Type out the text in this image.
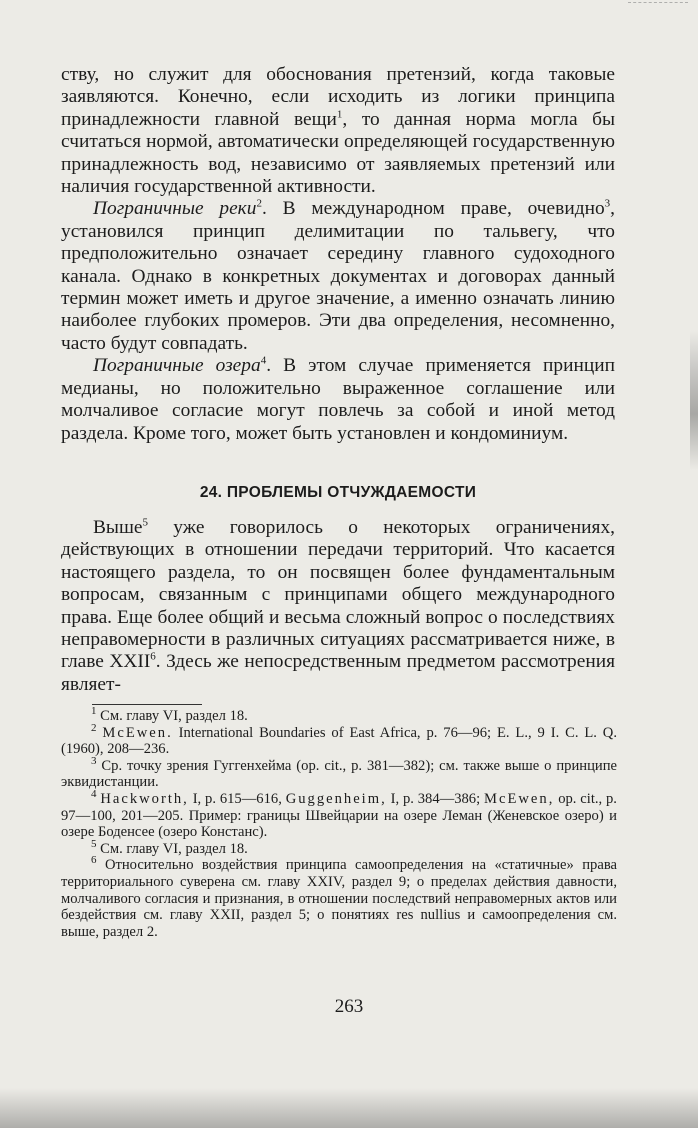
ству, но служит для обоснования претензий, когда таковые заявляются. Конечно, если исходить из логики принципа принадлежности главной вещи$^1$, то данная норма могла бы считаться нормой, автоматически определяющей государственную принадлежность вод, независимо от заявляемых претензий или наличия государственной активности.

Пограничные реки$^2$. В международном праве, очевидно$^3$, установился принцип делимитации по тальвегу, что предположительно означает середину главного судоходного канала. Однако в конкретных документах и договорах данный термин может иметь и другое значение, а именно означать линию наиболее глубоких промеров. Эти два определения, несомненно, часто будут совпадать.

Пограничные озера$^4$. В этом случае применяется принцип медианы, но положительно выраженное соглашение или молчаливое согласие могут повлечь за собой и иной метод раздела. Кроме того, может быть установлен и кондоминиум.

24. ПРОБЛЕМЫ ОТЧУЖДАЕМОСТИ

Выше$^5$ уже говорилось о некоторых ограничениях, действующих в отношении передачи территорий. Что касается настоящего раздела, то он посвящен более фундаментальным вопросам, связанным с принципами общего международного права. Еще более общий и весьма сложный вопрос о последствиях неправомерности в различных ситуациях рассматривается ниже, в главе XXII$^6$. Здесь же непосредственным предметом рассмотрения являет-

$^1$ См. главу VI, раздел 18.

$^2$ McEwen. International Boundaries of East Africa, p. 76—96; E. L., 9 I. C. L. Q. (1960), 208—236.

$^3$ Ср. точку зрения Гуггенхейма (op. cit., p. 381—382); см. также выше о принципе эквидистанции.

$^4$ Hackworth, I, p. 615—616, Guggenheim, I, p. 384—386; McEwen, op. cit., p. 97—100, 201—205. Пример: границы Швейцарии на озере Леман (Женевское озеро) и озере Боденсее (озеро Констанс).

$^5$ См. главу VI, раздел 18.

$^6$ Относительно воздействия принципа самоопределения на «статичные» права территориального суверена см. главу XXIV, раздел 9; о пределах действия давности, молчаливого согласия и признания, в отношении последствий неправомерных актов или бездействия см. главу XXII, раздел 5; о понятиях res nullius и самоопределения см. выше, раздел 2.

263
